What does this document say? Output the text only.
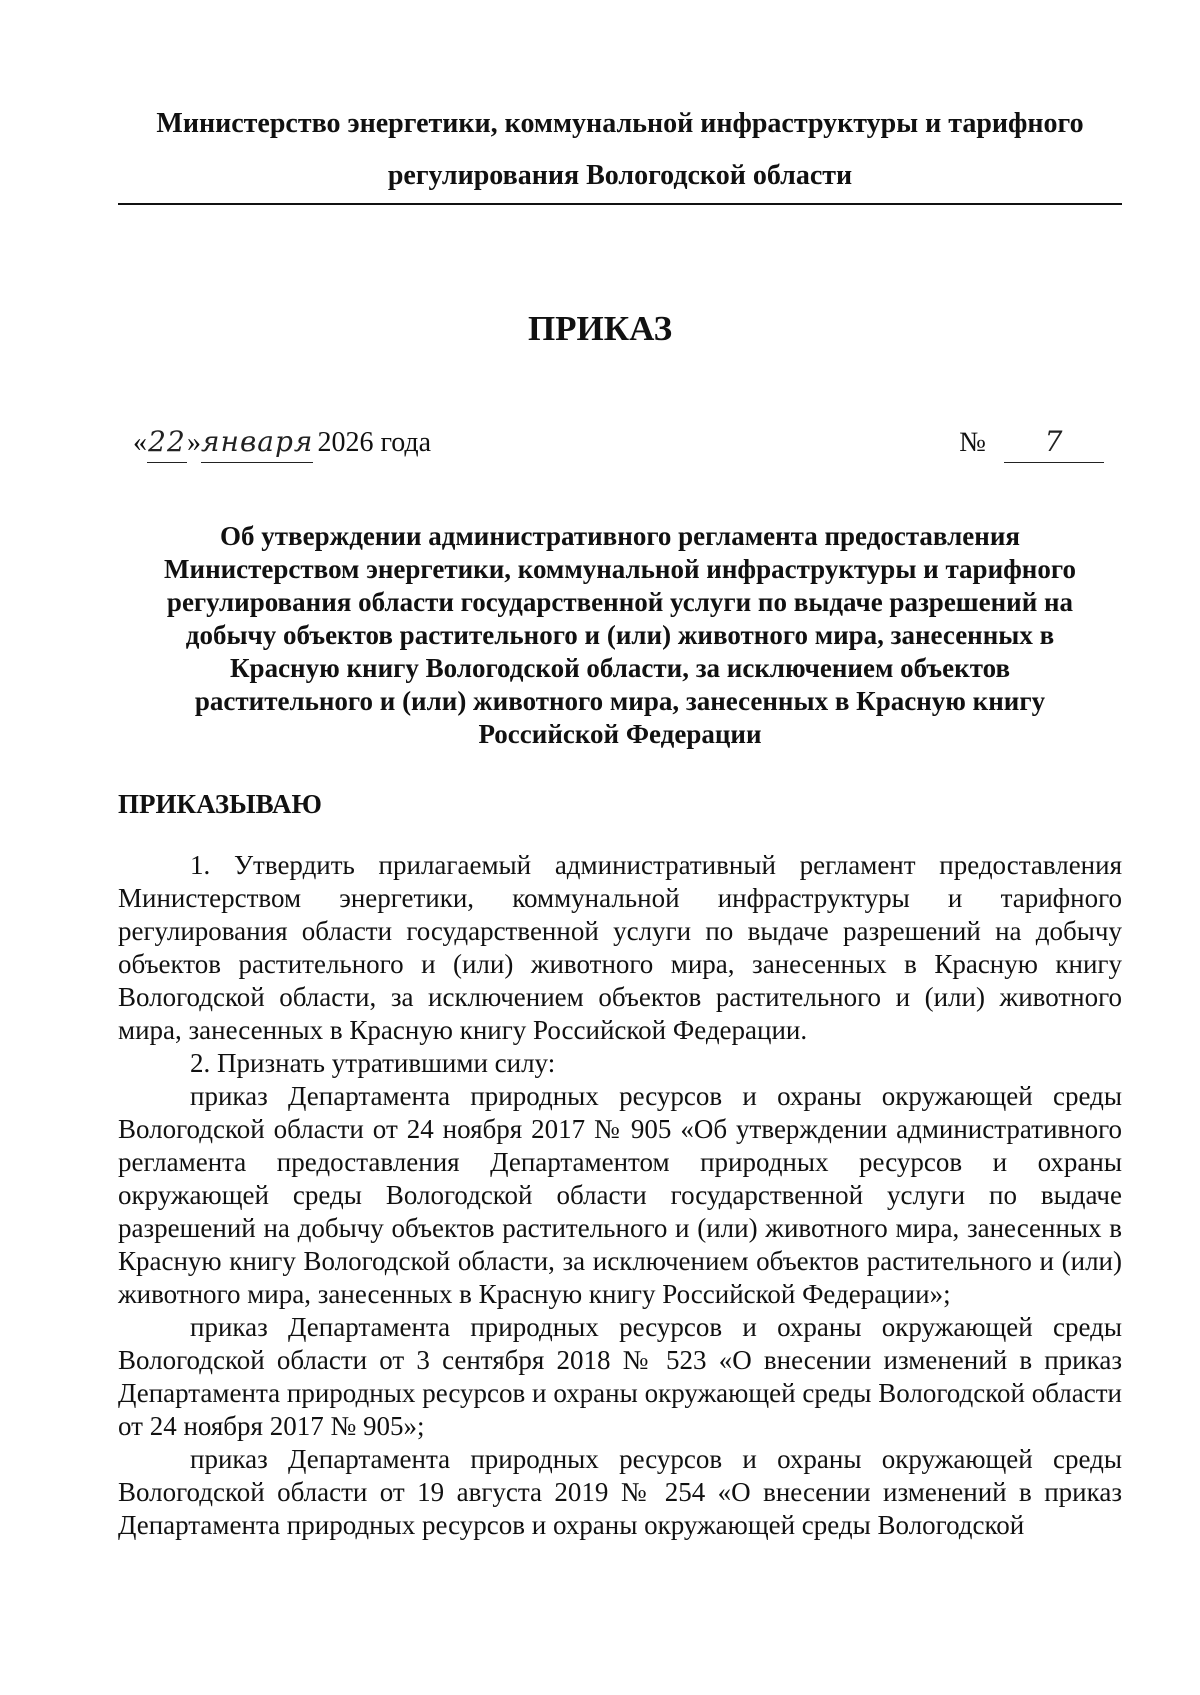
Министерство энергетики, коммунальной инфраструктуры и тарифного
регулирования Вологодской области
ПРИКАЗ
«22»января 2026 года	№ 7
Об утверждении административного регламента предоставления
Министерством энергетики, коммунальной инфраструктуры и тарифного
регулирования области государственной услуги по выдаче разрешений на
добычу объектов растительного и (или) животного мира, занесенных в
Красную книгу Вологодской области, за исключением объектов
растительного и (или) животного мира, занесенных в Красную книгу
Российской Федерации
ПРИКАЗЫВАЮ

1. Утвердить прилагаемый административный регламент предоставления Министерством энергетики, коммунальной инфраструктуры и тарифного регулирования области государственной услуги по выдаче разрешений на добычу объектов растительного и (или) животного мира, занесенных в Красную книгу Вологодской области, за исключением объектов растительного и (или) животного мира, занесенных в Красную книгу Российской Федерации.

2. Признать утратившими силу:

приказ Департамента природных ресурсов и охраны окружающей среды Вологодской области от 24 ноября 2017 № 905 «Об утверждении административного регламента предоставления Департаментом природных ресурсов и охраны окружающей среды Вологодской области государственной услуги по выдаче разрешений на добычу объектов растительного и (или) животного мира, занесенных в Красную книгу Вологодской области, за исключением объектов растительного и (или) животного мира, занесенных в Красную книгу Российской Федерации»;

приказ Департамента природных ресурсов и охраны окружающей среды Вологодской области от 3 сентября 2018 № 523 «О внесении изменений в приказ Департамента природных ресурсов и охраны окружающей среды Вологодской области от 24 ноября 2017 № 905»;

приказ Департамента природных ресурсов и охраны окружающей среды Вологодской области от 19 августа 2019 № 254 «О внесении изменений в приказ Департамента природных ресурсов и охраны окружающей среды Вологодской
